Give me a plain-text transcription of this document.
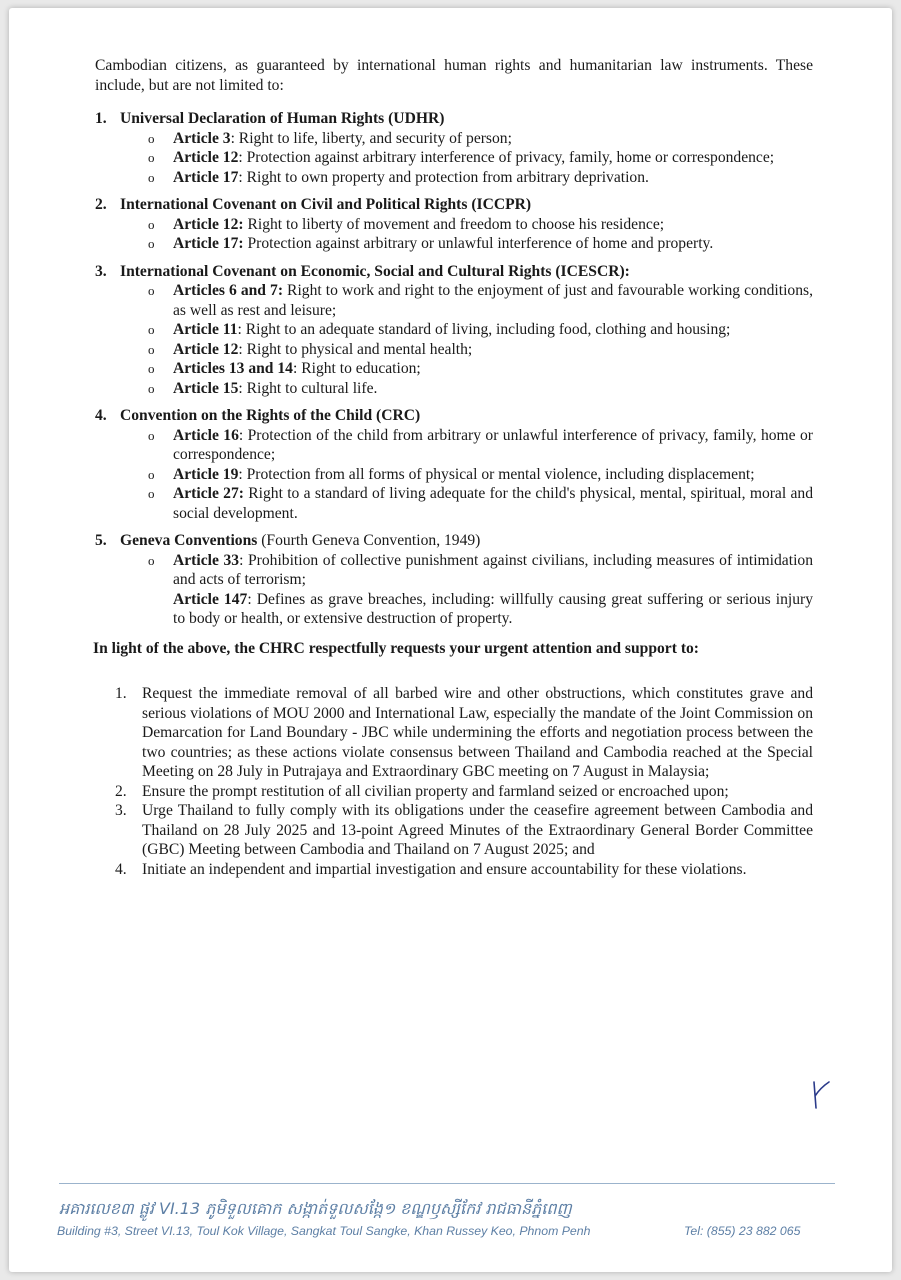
Cambodian citizens, as guaranteed by international human rights and humanitarian law instruments. These include, but are not limited to:

1. Universal Declaration of Human Rights (UDHR)
o
Article 3: Right to life, liberty, and security of person;
o
Article 12: Protection against arbitrary interference of privacy, family, home or correspondence;
o
Article 17: Right to own property and protection from arbitrary deprivation.
2. International Covenant on Civil and Political Rights (ICCPR)
o
Article 12: Right to liberty of movement and freedom to choose his residence;
o
Article 17: Protection against arbitrary or unlawful interference of home and property.
3. International Covenant on Economic, Social and Cultural Rights (ICESCR):
o
Articles 6 and 7: Right to work and right to the enjoyment of just and favourable working conditions, as well as rest and leisure;
o
Article 11: Right to an adequate standard of living, including food, clothing and housing;
o
Article 12: Right to physical and mental health;
o
Articles 13 and 14: Right to education;
o
Article 15: Right to cultural life.
4. Convention on the Rights of the Child (CRC)
o
Article 16: Protection of the child from arbitrary or unlawful interference of privacy, family, home or correspondence;
o
Article 19: Protection from all forms of physical or mental violence, including displacement;
o
Article 27: Right to a standard of living adequate for the child's physical, mental, spiritual, moral and social development.
5. Geneva Conventions (Fourth Geneva Convention, 1949)
o
Article 33: Prohibition of collective punishment against civilians, including measures of intimidation and acts of terrorism;
Article 147: Defines as grave breaches, including: willfully causing great suffering or serious injury to body or health, or extensive destruction of property.

In light of the above, the CHRC respectfully requests your urgent attention and support to:

1. Request the immediate removal of all barbed wire and other obstructions, which constitutes grave and serious violations of MOU 2000 and International Law, especially the mandate of the Joint Commission on Demarcation for Land Boundary - JBC while undermining the efforts and negotiation process between the two countries; as these actions violate consensus between Thailand and Cambodia reached at the Special Meeting on 28 July in Putrajaya and Extraordinary GBC meeting on 7 August in Malaysia;
2. Ensure the prompt restitution of all civilian property and farmland seized or encroached upon;
3. Urge Thailand to fully comply with its obligations under the ceasefire agreement between Cambodia and Thailand on 28 July 2025 and 13-point Agreed Minutes of the Extraordinary General Border Committee (GBC) Meeting between Cambodia and Thailand on 7 August 2025; and
4. Initiate an independent and impartial investigation and ensure accountability for these violations.
អគារលេខ៣ ផ្លូវ VI.13 ភូមិទួលគោក សង្កាត់ទួលសង្កែ១ ខណ្ឌឫស្សីកែវ រាជធានីភ្នំពេញ
Building #3, Street VI.13, Toul Kok Village, Sangkat Toul Sangke, Khan Russey Keo, Phnom Penh	Tel: (855) 23 882 065
